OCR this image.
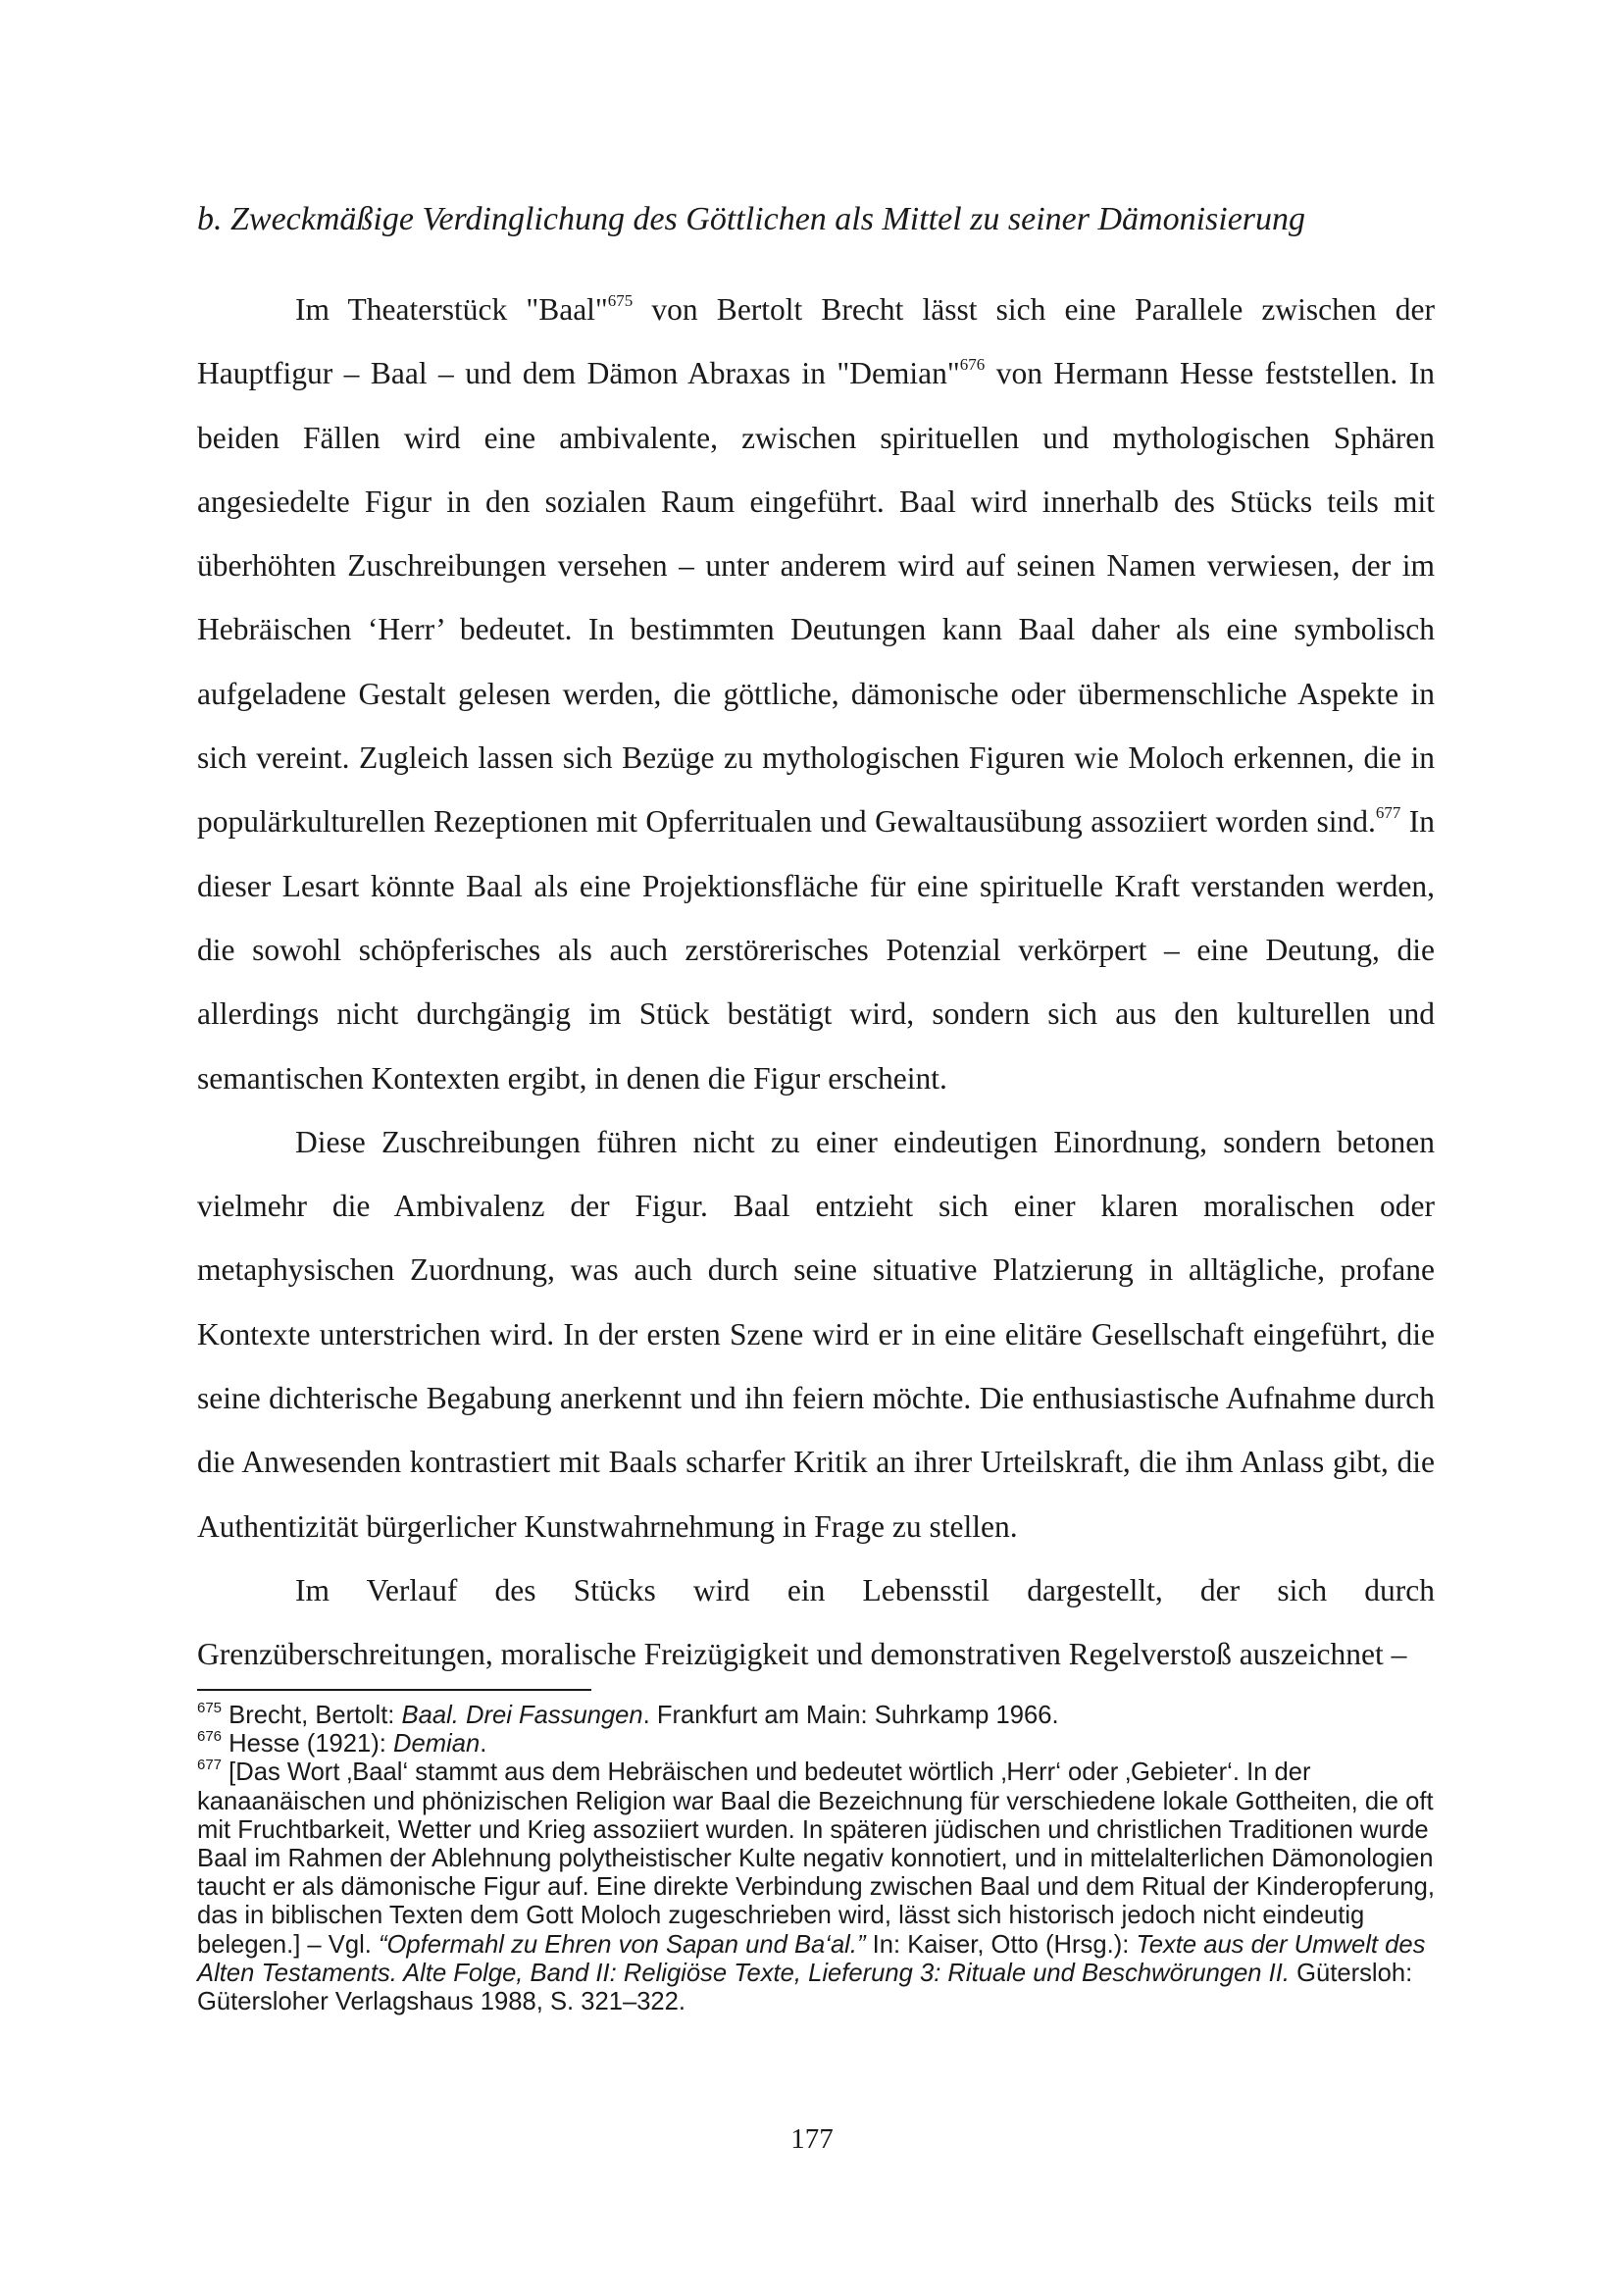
b. Zweckmäßige Verdinglichung des Göttlichen als Mittel zu seiner Dämonisierung

Im Theaterstück "Baal"$^{675}$ von Bertolt Brecht lässt sich eine Parallele zwischen der Hauptfigur – Baal – und dem Dämon Abraxas in "Demian"$^{676}$ von Hermann Hesse feststellen. In beiden Fällen wird eine ambivalente, zwischen spirituellen und mythologischen Sphären angesiedelte Figur in den sozialen Raum eingeführt. Baal wird innerhalb des Stücks teils mit überhöhten Zuschreibungen versehen – unter anderem wird auf seinen Namen verwiesen, der im Hebräischen ‘Herr’ bedeutet. In bestimmten Deutungen kann Baal daher als eine symbolisch aufgeladene Gestalt gelesen werden, die göttliche, dämonische oder übermenschliche Aspekte in sich vereint. Zugleich lassen sich Bezüge zu mythologischen Figuren wie Moloch erkennen, die in populärkulturellen Rezeptionen mit Opferritualen und Gewaltausübung assoziiert worden sind.$^{677}$ In dieser Lesart könnte Baal als eine Projektionsfläche für eine spirituelle Kraft verstanden werden, die sowohl schöpferisches als auch zerstörerisches Potenzial verkörpert – eine Deutung, die allerdings nicht durchgängig im Stück bestätigt wird, sondern sich aus den kulturellen und semantischen Kontexten ergibt, in denen die Figur erscheint.

Diese Zuschreibungen führen nicht zu einer eindeutigen Einordnung, sondern betonen vielmehr die Ambivalenz der Figur. Baal entzieht sich einer klaren moralischen oder metaphysischen Zuordnung, was auch durch seine situative Platzierung in alltägliche, profane Kontexte unterstrichen wird. In der ersten Szene wird er in eine elitäre Gesellschaft eingeführt, die seine dichterische Begabung anerkennt und ihn feiern möchte. Die enthusiastische Aufnahme durch die Anwesenden kontrastiert mit Baals scharfer Kritik an ihrer Urteilskraft, die ihm Anlass gibt, die Authentizität bürgerlicher Kunstwahrnehmung in Frage zu stellen.

Im Verlauf des Stücks wird ein Lebensstil dargestellt, der sich durch Grenzüberschreitungen, moralische Freizügigkeit und demonstrativen Regelverstoß auszeichnet –

$^{675}$ Brecht, Bertolt: Baal. Drei Fassungen. Frankfurt am Main: Suhrkamp 1966.

$^{676}$ Hesse (1921): Demian.

$^{677}$ [Das Wort ‚Baal‘ stammt aus dem Hebräischen und bedeutet wörtlich ‚Herr‘ oder ‚Gebieter‘. In der kanaanäischen und phönizischen Religion war Baal die Bezeichnung für verschiedene lokale Gottheiten, die oft mit Fruchtbarkeit, Wetter und Krieg assoziiert wurden. In späteren jüdischen und christlichen Traditionen wurde Baal im Rahmen der Ablehnung polytheistischer Kulte negativ konnotiert, und in mittelalterlichen Dämonologien taucht er als dämonische Figur auf. Eine direkte Verbindung zwischen Baal und dem Ritual der Kinderopferung, das in biblischen Texten dem Gott Moloch zugeschrieben wird, lässt sich historisch jedoch nicht eindeutig belegen.] – Vgl. “Opfermahl zu Ehren von Sapan und Ba‘al.” In: Kaiser, Otto (Hrsg.): Texte aus der Umwelt des Alten Testaments. Alte Folge, Band II: Religiöse Texte, Lieferung 3: Rituale und Beschwörungen II. Gütersloh: Gütersloher Verlagshaus 1988, S. 321–322.

177
